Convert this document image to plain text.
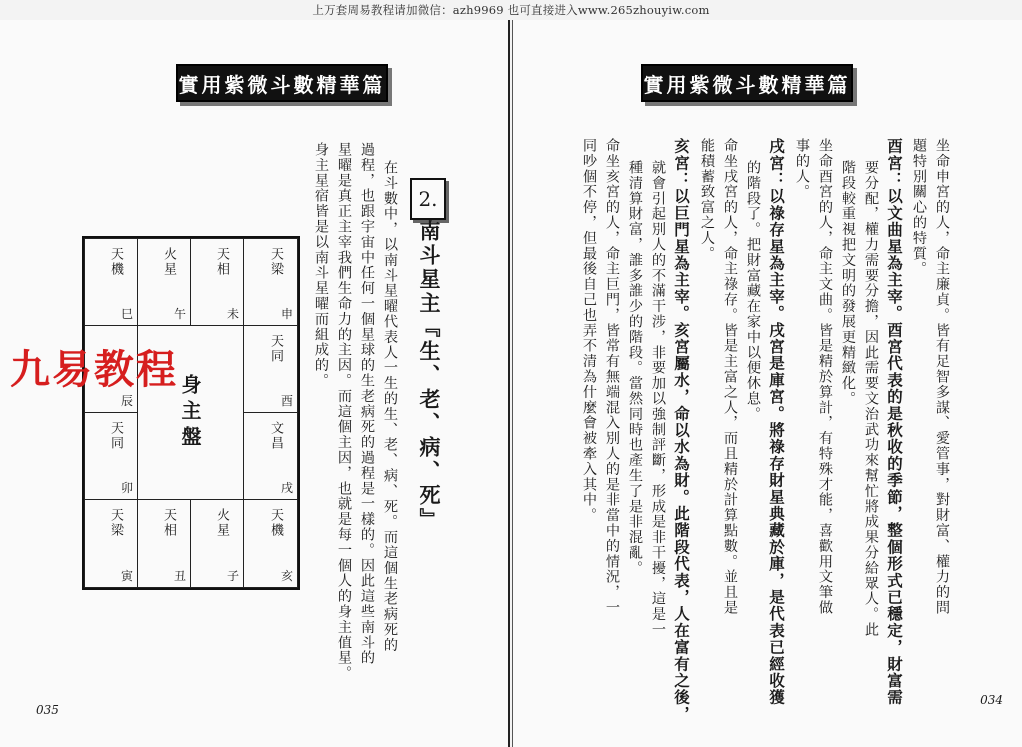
上万套周易教程请加微信：azh9969 也可直接进入www.265zhouyiw.com
實用紫微斗數精華篇
2.
南斗星主『生、老、病、死』
在斗數中，以南斗星曜代表人一生的生、老、病、死。而這個生老病死的
過程，也跟宇宙中任何一個星球的生老病死的過程是一樣的。因此這些南斗的
星曜是真正主宰我們生命力的主因。而這個主因，也就是每一個人的身主值星。
身主星宿皆是以南斗星曜而組成的。
天機
巳
火星
午
天相
未
天梁
申
天同
酉
文昌
戌
天機
亥
火星
子
天相
丑
天梁
寅
天同
卯
辰 身主盤
035
實用紫微斗數精華篇
坐命申宮的人，命主廉貞。皆有足智多謀、愛管事，對財富、權力的問
題特別關心的特質。
酉宮：以文曲星為主宰。酉宮代表的是秋收的季節，整個形式已穩定，財富需
要分配，權力需要分擔，因此需要文治武功來幫忙將成果分給眾人。此
階段較重視把文明的發展更精緻化。
坐命酉宮的人，命主文曲。皆是精於算計，有特殊才能，喜歡用文筆做
事的人。
戌宮：以祿存星為主宰。戌宮是庫宮。將祿存財星典藏於庫，是代表已經收獲
的階段了。把財富藏在家中以便休息。
命坐戌宮的人，命主祿存。皆是主富之人，而且精於計算點數。並且是
能積蓄致富之人。
亥宮：以巨門星為主宰。亥宮屬水，命以水為財。此階段代表，人在富有之後，
就會引起別人的不滿干涉，非要加以強制評斷，形成是非干擾，這是一
種清算財富，誰多誰少的階段。當然同時也產生了是非混亂。
命坐亥宮的人，命主巨門，皆常有無端混入別人的是非當中的情況，一
同吵個不停，但最後自己也弄不清為什麼會被牽入其中。
034
九易教程
